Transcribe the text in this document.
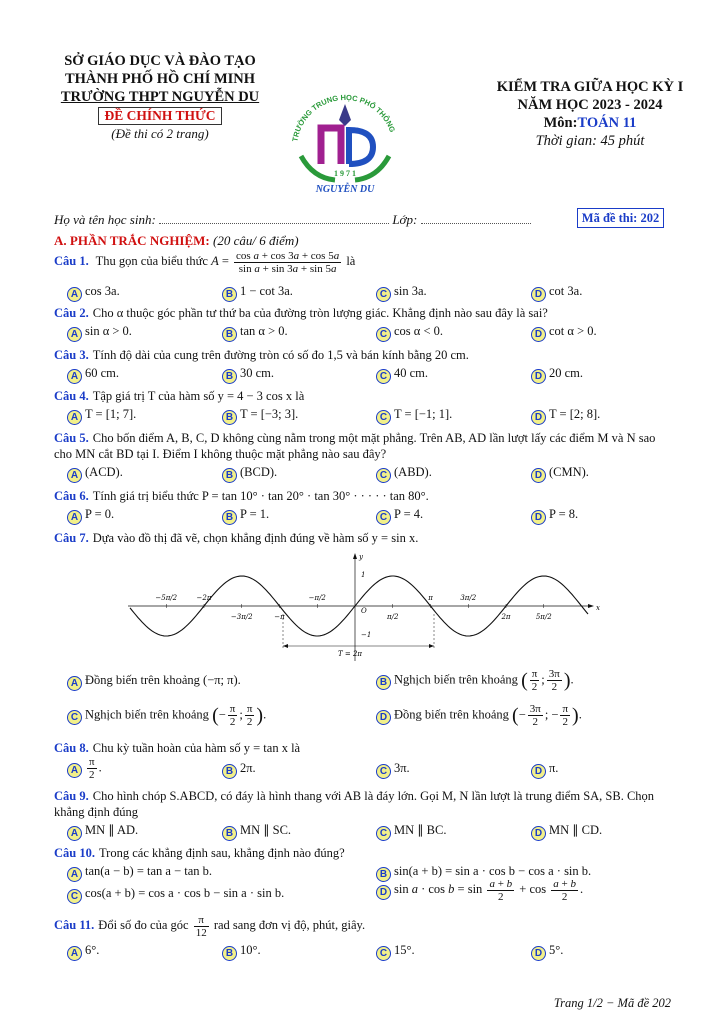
SỞ GIÁO DỤC VÀ ĐÀO TẠO
THÀNH PHỐ HỒ CHÍ MINH
TRƯỜNG THPT NGUYỄN DU
ĐỀ CHÍNH THỨC
(Đề thi có 2 trang)	TRƯỜNG TRUNG HỌC PHỔ THÔNG
1 9 7 1
NGUYỄN DU
KIỂM TRA GIỮA HỌC KỲ I
NĂM HỌC 2023 - 2024
Môn:TOÁN 11
Thời gian: 45 phút
Họ và tên học sinh:	Lớp:	Mã đề thi: 202
A. PHẦN TRẮC NGHIỆM: (20 câu/ 6 điểm)
Câu 1. Thu gọn của biểu thức $A = \frac{\text{cos a + cos 3a + cos 5a}}{\text{sin a + sin 3a + sin 5a}}$ là
A cos 3a.	B 1 − cot 3a.	C sin 3a.	D cot 3a.
Câu 2. Cho α thuộc góc phần tư thứ ba của đường tròn lượng giác. Khẳng định nào sau đây là sai?
A sin α > 0.	B tan α > 0.	C cos α < 0.	D cot α > 0.
Câu 3. Tính độ dài của cung trên đường tròn có số đo 1,5 và bán kính bằng 20 cm.
A 60 cm.	B 30 cm.	C 40 cm.	D 20 cm.
Câu 4. Tập giá trị T của hàm số y = 4 − 3 cos x là
A T = [1; 7].	B T = [−3; 3].	C T = [−1; 1].	D T = [2; 8].
Câu 5. Cho bốn điểm A, B, C, D không cùng nằm trong một mặt phẳng. Trên AB, AD lần lượt lấy các điểm M và N sao cho MN cắt BD tại I. Điểm I không thuộc mặt phẳng nào sau đây?
A (ACD).	B (BCD).	C (ABD).	D (CMN).
Câu 6. Tính giá trị biểu thức P = tan 10° · tan 20° · tan 30° · · · · · tan 80°.
A P = 0.	B P = 1.	C P = 4.	D P = 8.
Câu 7. Dựa vào đồ thị đã vẽ, chọn khẳng định đúng về hàm số y = sin x.
T = 2π
x
y
O
1
−1
−5π/2	−2π	−π/2	π	3π/2
−3π/2	−π	π/2	2π	5π/2
A Đồng biến trên khoảng (−π; π).	B Nghịch biến trên khoảng ( $\frac{\pi}{2}$ ; $\frac{3\pi}{2}$ ).
C Nghịch biến trên khoảng (− $\frac{\pi}{2}$ ; $\frac{\pi}{2}$ ).	D Đồng biến trên khoảng (− $\frac{3\pi}{2}$ ; − $\frac{\pi}{2}$ ).
Câu 8. Chu kỳ tuần hoàn của hàm số y = tan x là
A $\frac{\pi}{2}$ .	B 2π.	C 3π.	D π.
Câu 9. Cho hình chóp S.ABCD, có đáy là hình thang với AB là đáy lớn. Gọi M, N lần lượt là trung điểm SA, SB. Chọn khẳng định đúng
A MN ∥ AD.	B MN ∥ SC.	C MN ∥ BC.	D MN ∥ CD.
Câu 10. Trong các khẳng định sau, khẳng định nào đúng?
A tan(a − b) = tan a − tan b.	B sin(a + b) = sin a · cos b − cos a · sin b.
C cos(a + b) = cos a · cos b − sin a · sin b.	D $\sin a \cdot \cos b = \sin \frac{a + b}{2} + \cos \frac{a + b}{2}$ .
Câu 11. Đổi số đo của góc $\frac{\pi}{12}$ rad sang đơn vị độ, phút, giây.
A 6°.	B 10°.	C 15°.	D 5°.
Trang 1/2 − Mã đề 202
